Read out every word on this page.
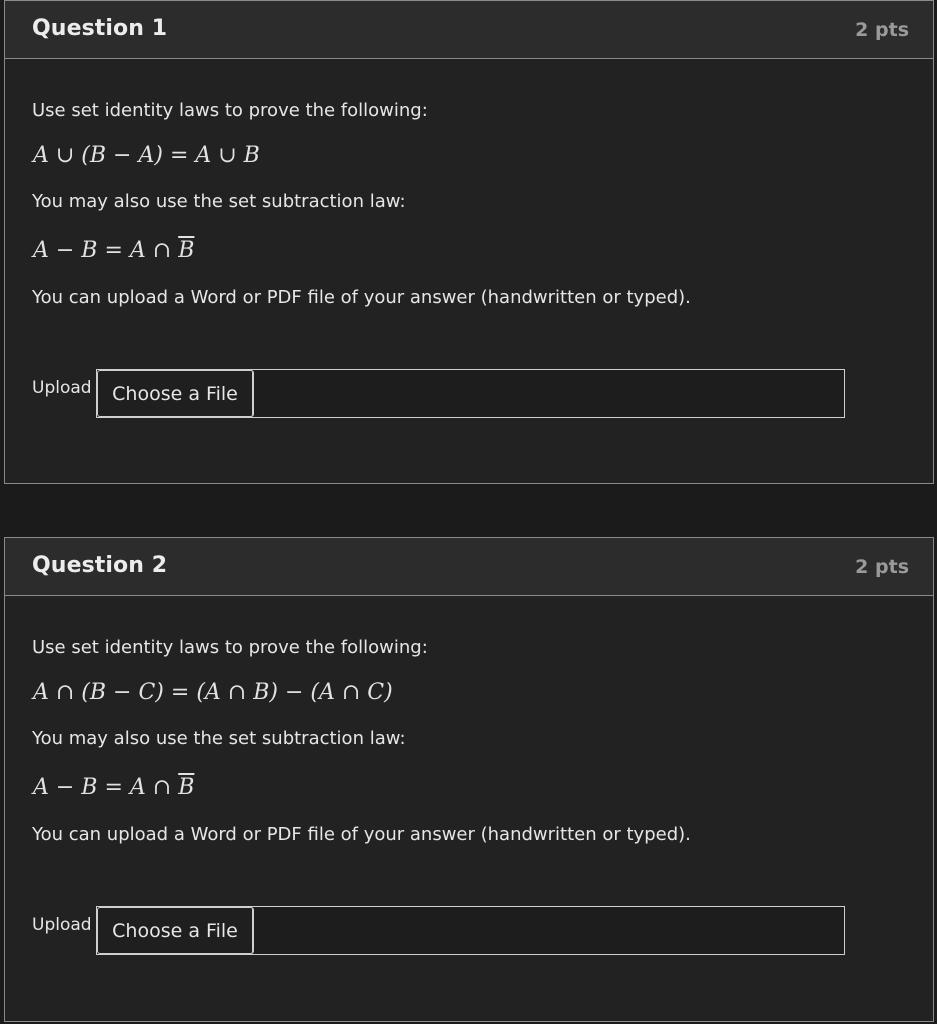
Question 1	2 pts
Use set identity laws to prove the following:
A ∪ (B − A) = A ∪ B
You may also use the set subtraction law:
A − B = A ∩ $\overline{B}$
You can upload a Word or PDF file of your answer (handwritten or typed).
Upload	Choose a File
Question 2	2 pts
Use set identity laws to prove the following:
A ∩ (B − C) = (A ∩ B) − (A ∩ C)
You may also use the set subtraction law:
A − B = A ∩ $\overline{B}$
You can upload a Word or PDF file of your answer (handwritten or typed).
Upload	Choose a File
